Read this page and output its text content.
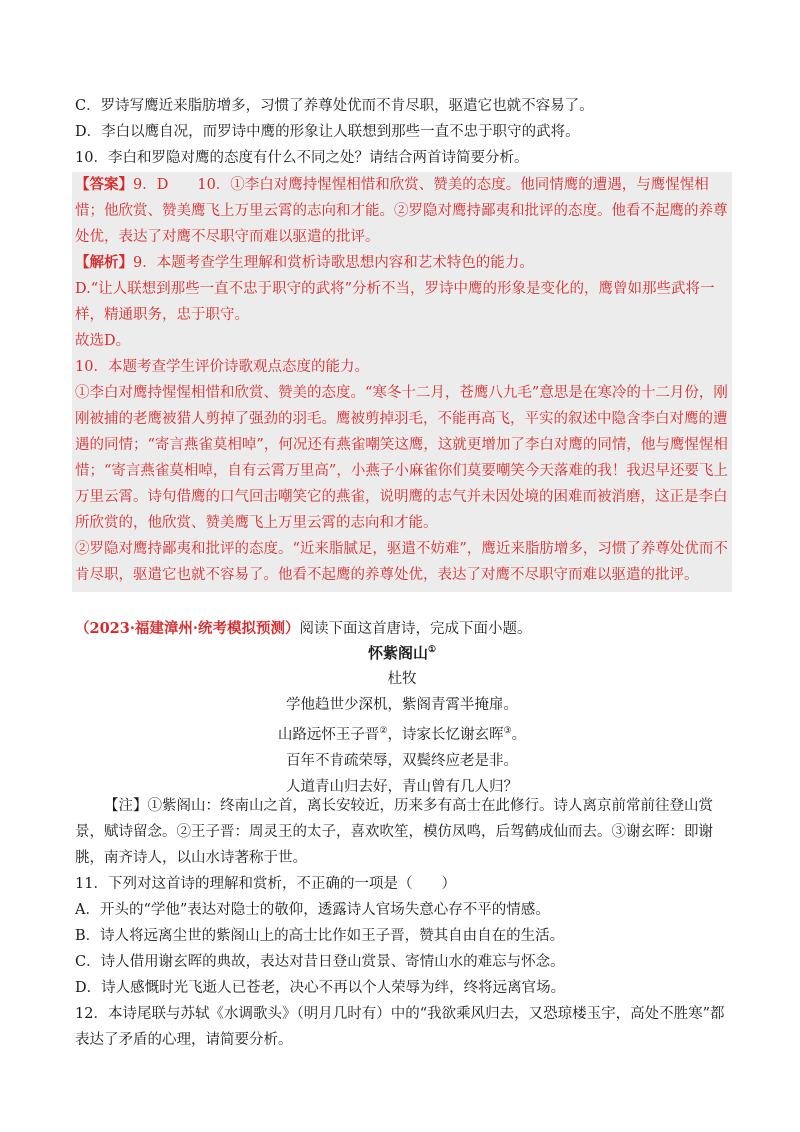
C．罗诗写鹰近来脂肪增多，习惯了养尊处优而不肯尽职，驱遣它也就不容易了。
D．李白以鹰自况，而罗诗中鹰的形象让人联想到那些一直不忠于职守的武将。
10．李白和罗隐对鹰的态度有什么不同之处？请结合两首诗简要分析。
【答案】9．D　　10．①李白对鹰持惺惺相惜和欣赏、赞美的态度。他同情鹰的遭遇，与鹰惺惺相惜；他欣赏、赞美鹰飞上万里云霄的志向和才能。②罗隐对鹰持鄙夷和批评的态度。他看不起鹰的养尊处优，表达了对鹰不尽职守而难以驱遣的批评。
【解析】9．本题考查学生理解和赏析诗歌思想内容和艺术特色的能力。
D.“让人联想到那些一直不忠于职守的武将”分析不当，罗诗中鹰的形象是变化的，鹰曾如那些武将一样，精通职务，忠于职守。
故选D。
10．本题考查学生评价诗歌观点态度的能力。
①李白对鹰持惺惺相惜和欣赏、赞美的态度。“寒冬十二月，苍鹰八九毛”意思是在寒冷的十二月份，刚刚被捕的老鹰被猎人剪掉了强劲的羽毛。鹰被剪掉羽毛，不能再高飞，平实的叙述中隐含李白对鹰的遭遇的同情；“寄言燕雀莫相啅”，何况还有燕雀嘲笑这鹰，这就更增加了李白对鹰的同情，他与鹰惺惺相惜；“寄言燕雀莫相啅，自有云霄万里高”，小燕子小麻雀你们莫要嘲笑今天落难的我！我迟早还要飞上万里云霄。诗句借鹰的口气回击嘲笑它的燕雀，说明鹰的志气并未因处境的困难而被消磨，这正是李白所欣赏的，他欣赏、赞美鹰飞上万里云霄的志向和才能。
②罗隐对鹰持鄙夷和批评的态度。“近来脂腻足，驱遣不妨难”，鹰近来脂肪增多，习惯了养尊处优而不肯尽职，驱遣它也就不容易了。他看不起鹰的养尊处优，表达了对鹰不尽职守而难以驱遣的批评。
（2023·福建漳州·统考模拟预测）阅读下面这首唐诗，完成下面小题。
怀紫阁山①
杜牧
学他趋世少深机，紫阁青霄半掩扉。
山路远怀王子晋②，诗家长忆谢玄晖③。
百年不肯疏荣辱，双鬓终应老是非。
人道青山归去好，青山曾有几人归？
【注】①紫阁山：终南山之首，离长安较近，历来多有高士在此修行。诗人离京前常前往登山赏景，赋诗留念。②王子晋：周灵王的太子，喜欢吹笙，模仿凤鸣，后驾鹤成仙而去。③谢玄晖：即谢朓，南齐诗人，以山水诗著称于世。
11．下列对这首诗的理解和赏析，不正确的一项是（　　）
A．开头的“学他”表达对隐士的敬仰，透露诗人官场失意心存不平的情感。
B．诗人将远离尘世的紫阁山上的高士比作如王子晋，赞其自由自在的生活。
C．诗人借用谢玄晖的典故，表达对昔日登山赏景、寄情山水的难忘与怀念。
D．诗人感慨时光飞逝人已苍老，决心不再以个人荣辱为绊，终将远离官场。
12．本诗尾联与苏轼《水调歌头》（明月几时有）中的“我欲乘风归去，又恐琼楼玉宇，高处不胜寒”都表达了矛盾的心理，请简要分析。
